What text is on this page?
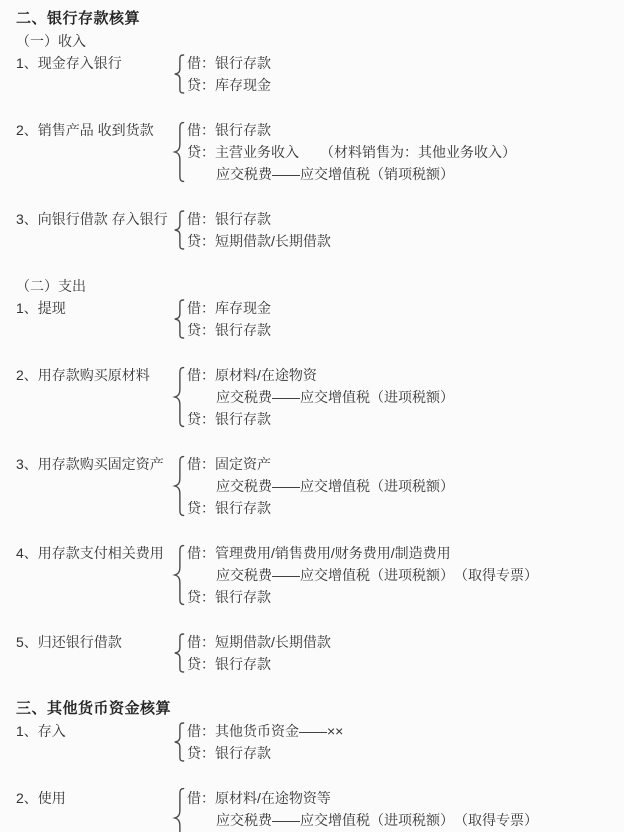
二、银行存款核算
（一）收入
1、现金存入银行	借：银行存款
贷：库存现金
2、销售产品 收到货款	借：银行存款
贷：主营业务收入　　（材料销售为：其他业务收入）
应交税费——应交增值税（销项税额）
3、向银行借款 存入银行	借：银行存款
贷：短期借款/长期借款
（二）支出
1、提现	借：库存现金
贷：银行存款
2、用存款购买原材料	借：原材料/在途物资
应交税费——应交增值税（进项税额）
贷：银行存款
3、用存款购买固定资产	借：固定资产
应交税费——应交增值税（进项税额）
贷：银行存款
4、用存款支付相关费用	借：管理费用/销售费用/财务费用/制造费用
应交税费——应交增值税（进项税额）　（取得专票）
贷：银行存款
5、归还银行借款	借：短期借款/长期借款
贷：银行存款
三、其他货币资金核算
1、存入	借：其他货币资金——××
贷：银行存款
2、使用	借：原材料/在途物资等
应交税费——应交增值税（进项税额）　（取得专票）
